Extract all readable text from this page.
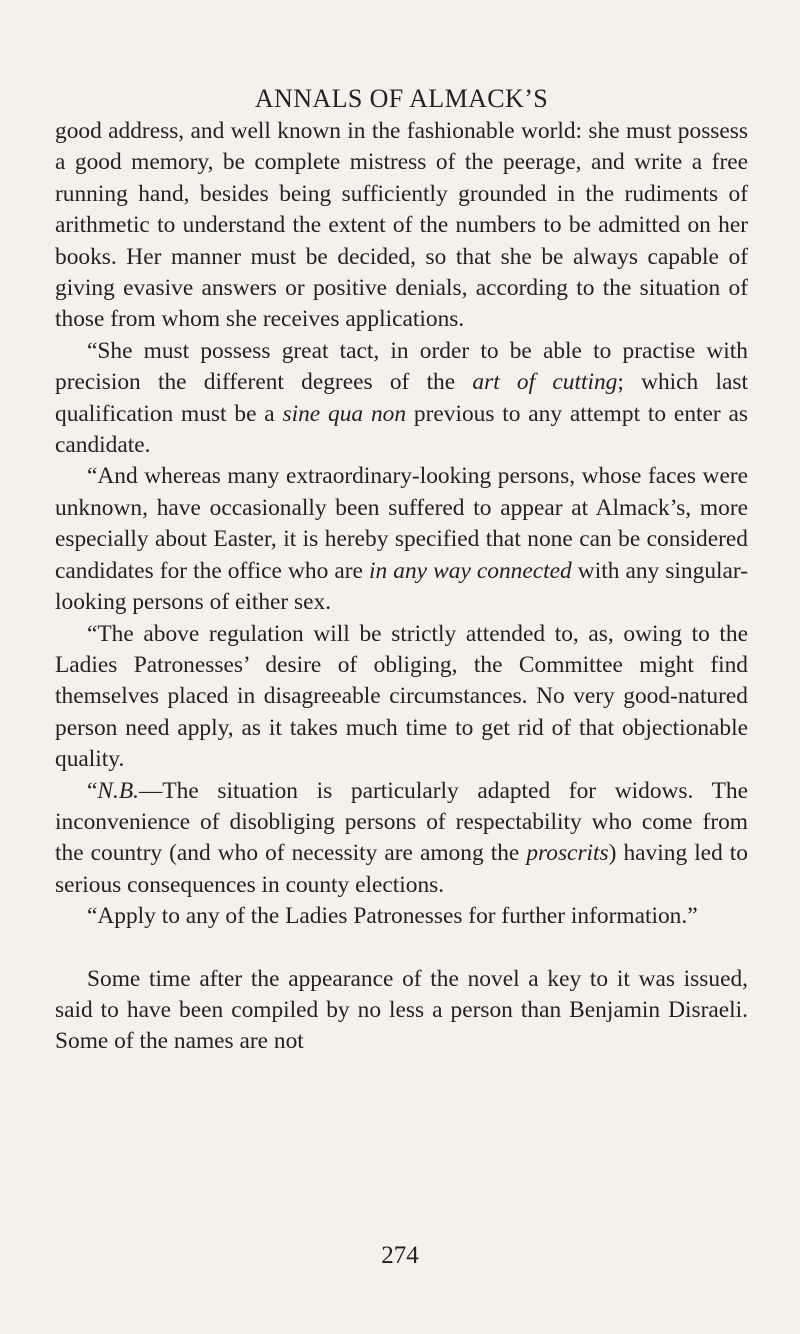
ANNALS OF ALMACK’S

good address, and well known in the fashionable world: she must possess a good memory, be complete mistress of the peerage, and write a free running hand, besides being sufficiently grounded in the rudiments of arithmetic to understand the extent of the numbers to be admitted on her books. Her manner must be decided, so that she be always capable of giving evasive answers or positive denials, according to the situation of those from whom she receives applications.

“She must possess great tact, in order to be able to practise with precision the different degrees of the art of cutting; which last qualification must be a sine qua non previous to any attempt to enter as candidate.

“And whereas many extraordinary-looking persons, whose faces were unknown, have occasionally been suffered to appear at Almack’s, more especially about Easter, it is hereby specified that none can be considered candidates for the office who are in any way connected with any singular-looking persons of either sex.

“The above regulation will be strictly attended to, as, owing to the Ladies Patronesses’ desire of obliging, the Committee might find themselves placed in disagreeable circumstances. No very good-natured person need apply, as it takes much time to get rid of that objectionable quality.

“N.B.—The situation is particularly adapted for widows. The inconvenience of disobliging persons of respectability who come from the country (and who of necessity are among the proscrits) having led to serious consequences in county elections.

“Apply to any of the Ladies Patronesses for further information.”

Some time after the appearance of the novel a key to it was issued, said to have been compiled by no less a person than Benjamin Disraeli. Some of the names are not

274
